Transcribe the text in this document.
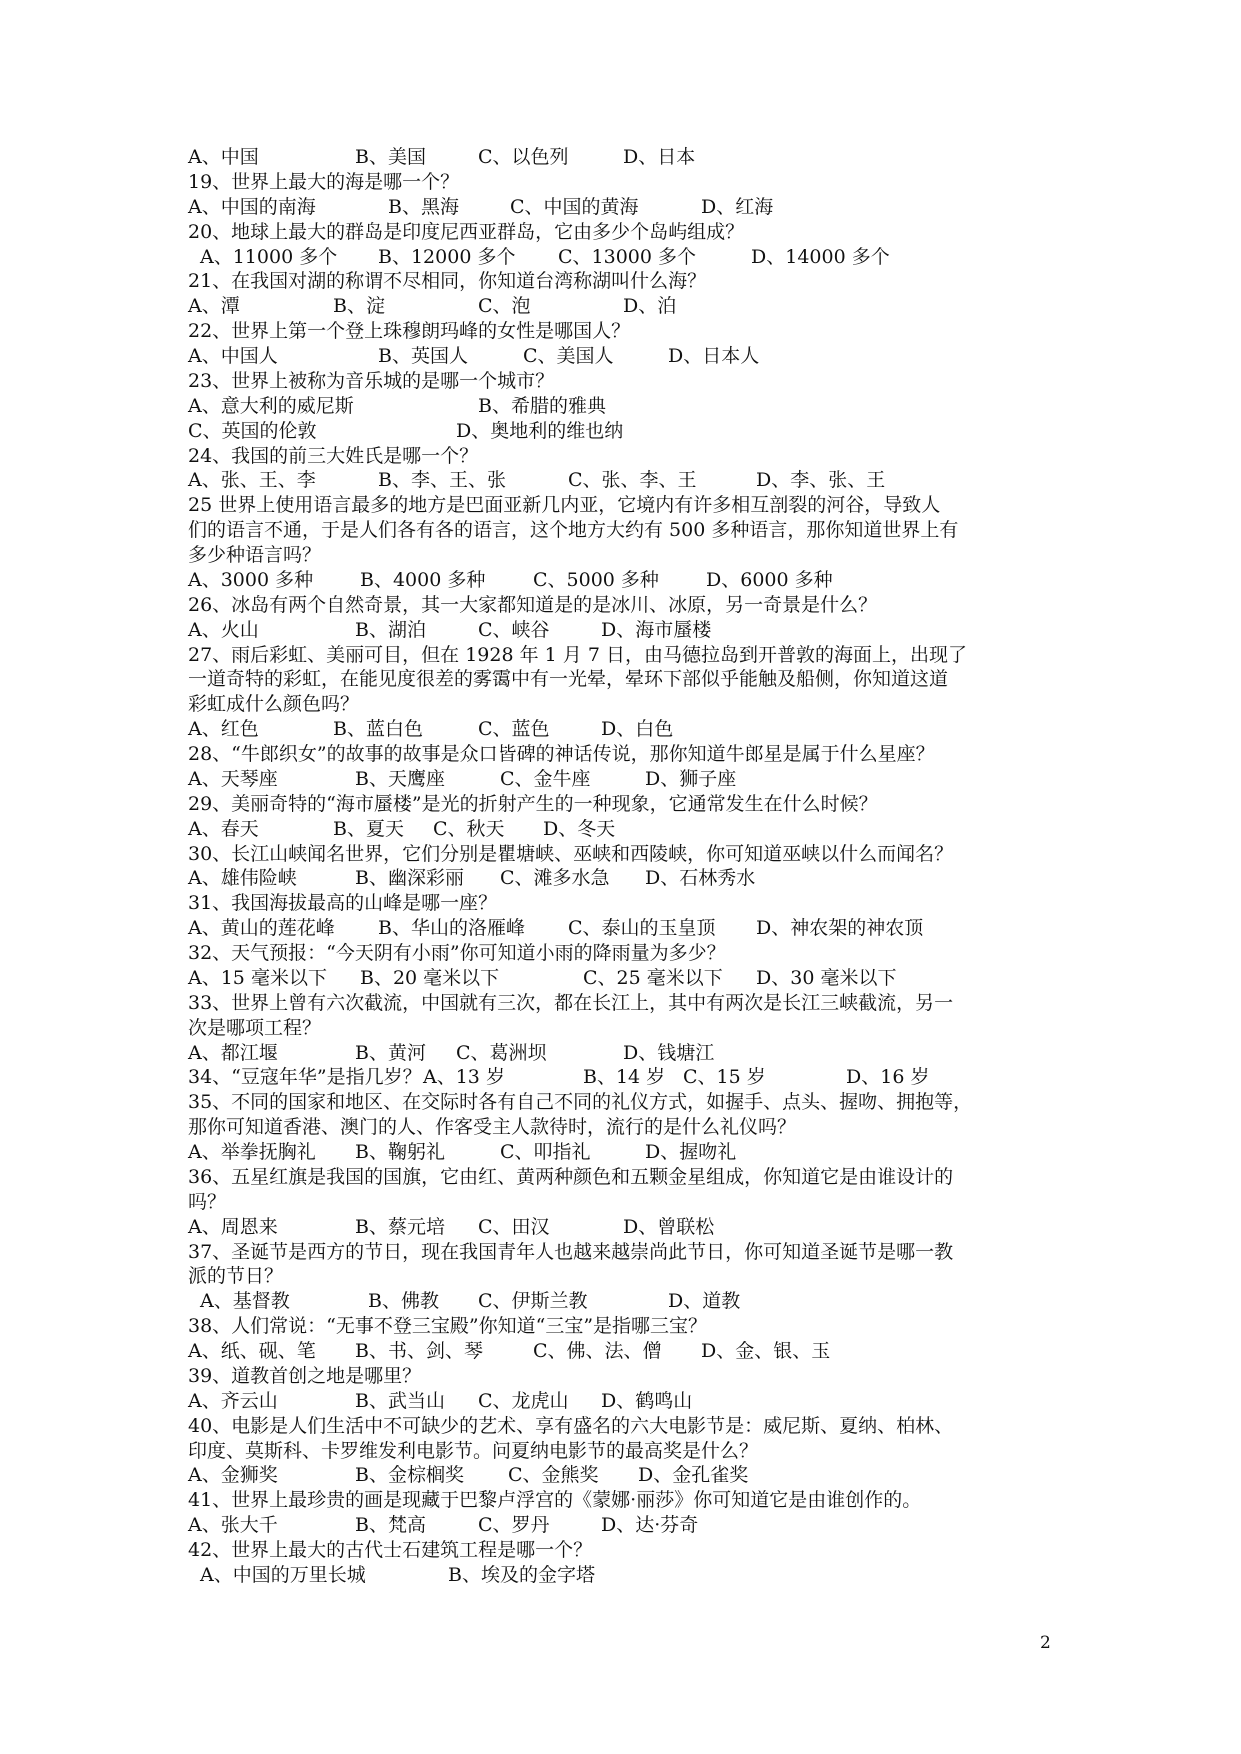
A、中国	B、美国	C、以色列	D、日本
19、世界上最大的海是哪一个？
A、中国的南海	B、黑海	C、中国的黄海	D、红海
20、地球上最大的群岛是印度尼西亚群岛，它由多少个岛屿组成？
A、11000 多个 B、12000 多个 C、13000 多个	D、14000 多个
21、在我国对湖的称谓不尽相同，你知道台湾称湖叫什么海？
A、潭	B、淀	C、泡	D、泊
22、世界上第一个登上珠穆朗玛峰的女性是哪国人？
A、中国人	B、英国人	C、美国人	D、日本人
23、世界上被称为音乐城的是哪一个城市？
A、意大利的威尼斯	B、希腊的雅典
C、英国的伦敦	D、奥地利的维也纳
24、我国的前三大姓氏是哪一个？
A、张、王、李	B、李、王、张	C、张、李、王	D、李、张、王
25 世界上使用语言最多的地方是巴面亚新几内亚，它境内有许多相互剖裂的河谷，导致人
们的语言不通，于是人们各有各的语言，这个地方大约有 500 多种语言，那你知道世界上有
多少种语言吗？
A、3000 多种 B、4000 多种	C、5000 多种 D、6000 多种
26、冰岛有两个自然奇景，其一大家都知道是的是冰川、冰原，另一奇景是什么？
A、火山	B、湖泊	C、峡谷	D、海市蜃楼
27、雨后彩虹、美丽可目，但在 1928 年 1 月 7 日，由马德拉岛到开普敦的海面上，出现了
一道奇特的彩虹，在能见度很差的雾霭中有一光晕，晕环下部似乎能触及船侧，你知道这道
彩虹成什么颜色吗？
A、红色	B、蓝白色	C、蓝色	D、白色
28、“牛郎织女”的故事的故事是众口皆碑的神话传说，那你知道牛郎星是属于什么星座？
A、天琴座	B、天鹰座	C、金牛座	D、狮子座
29、美丽奇特的“海市蜃楼”是光的折射产生的一种现象，它通常发生在什么时候？
A、春天	B、夏天 C、秋天 D、冬天
30、长江山峡闻名世界，它们分别是瞿塘峡、巫峡和西陵峡，你可知道巫峡以什么而闻名？
A、雄伟险峡	B、幽深彩丽 C、滩多水急 D、石林秀水
31、我国海拔最高的山峰是哪一座？
A、黄山的莲花峰 B、华山的洛雁峰 C、泰山的玉皇顶 D、神农架的神农顶
32、天气预报：“今天阴有小雨”你可知道小雨的降雨量为多少？
A、15 毫米以下 B、20 毫米以下	C、25 毫米以下 D、30 毫米以下
33、世界上曾有六次截流，中国就有三次，都在长江上，其中有两次是长江三峡截流，另一
次是哪项工程？
A、都江堰	B、黄河 C、葛洲坝	D、钱塘江
34、“豆寇年华”是指几岁？ A、13 岁	B、14 岁 C、15 岁	D、16 岁
35、不同的国家和地区、在交际时各有自己不同的礼仪方式，如握手、点头、握吻、拥抱等，
那你可知道香港、澳门的人、作客受主人款待时，流行的是什么礼仪吗？
A、举拳抚胸礼 B、鞠躬礼	C、叩指礼	D、握吻礼
36、五星红旗是我国的国旗，它由红、黄两种颜色和五颗金星组成，你知道它是由谁设计的
吗？
A、周恩来	B、蔡元培 C、田汉	D、曾联松
37、圣诞节是西方的节日，现在我国青年人也越来越崇尚此节日，你可知道圣诞节是哪一教
派的节日？
A、基督教	B、佛教 C、伊斯兰教	D、道教
38、人们常说：“无事不登三宝殿”你知道“三宝”是指哪三宝？
A、纸、砚、笔 B、书、剑、琴	C、佛、法、僧 D、金、银、玉
39、道教首创之地是哪里？
A、齐云山	B、武当山 C、龙虎山 D、鹤鸣山
40、电影是人们生活中不可缺少的艺术、享有盛名的六大电影节是：威尼斯、夏纳、柏林、
印度、莫斯科、卡罗维发利电影节。问夏纳电影节的最高奖是什么？
A、金狮奖	B、金棕榈奖 C、金熊奖 D、金孔雀奖
41、世界上最珍贵的画是现藏于巴黎卢浮宫的《蒙娜·丽莎》你可知道它是由谁创作的。
A、张大千	B、梵高	C、罗丹	D、达·芬奇
42、世界上最大的古代士石建筑工程是哪一个？
A、中国的万里长城	B、埃及的金字塔
2
